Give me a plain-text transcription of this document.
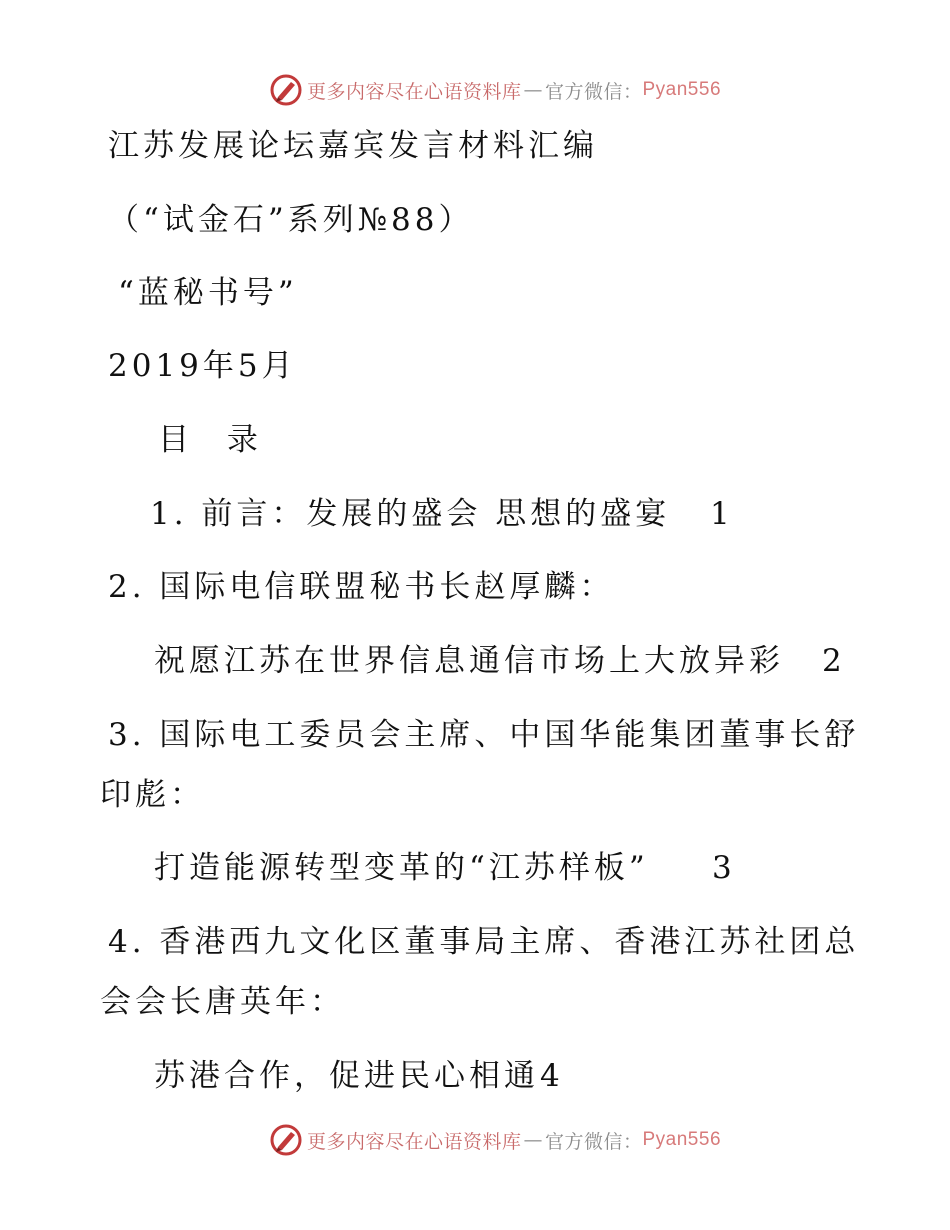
更多内容尽在心语资料库 — 官方微信： Pyan556
江苏发展论坛嘉宾发言材料汇编
（“试金石”系列№88）
“蓝秘书号”
2019年5月
目 录
1. 前言：发展的盛会 思想的盛宴 1
2. 国际电信联盟秘书长赵厚麟：
祝愿江苏在世界信息通信市场上大放异彩 2
3. 国际电工委员会主席、中国华能集团董事长舒
印彪：
打造能源转型变革的“江苏样板” 3
4. 香港西九文化区董事局主席、香港江苏社团总
会会长唐英年：
苏港合作，促进民心相通 4
更多内容尽在心语资料库 — 官方微信： Pyan556
